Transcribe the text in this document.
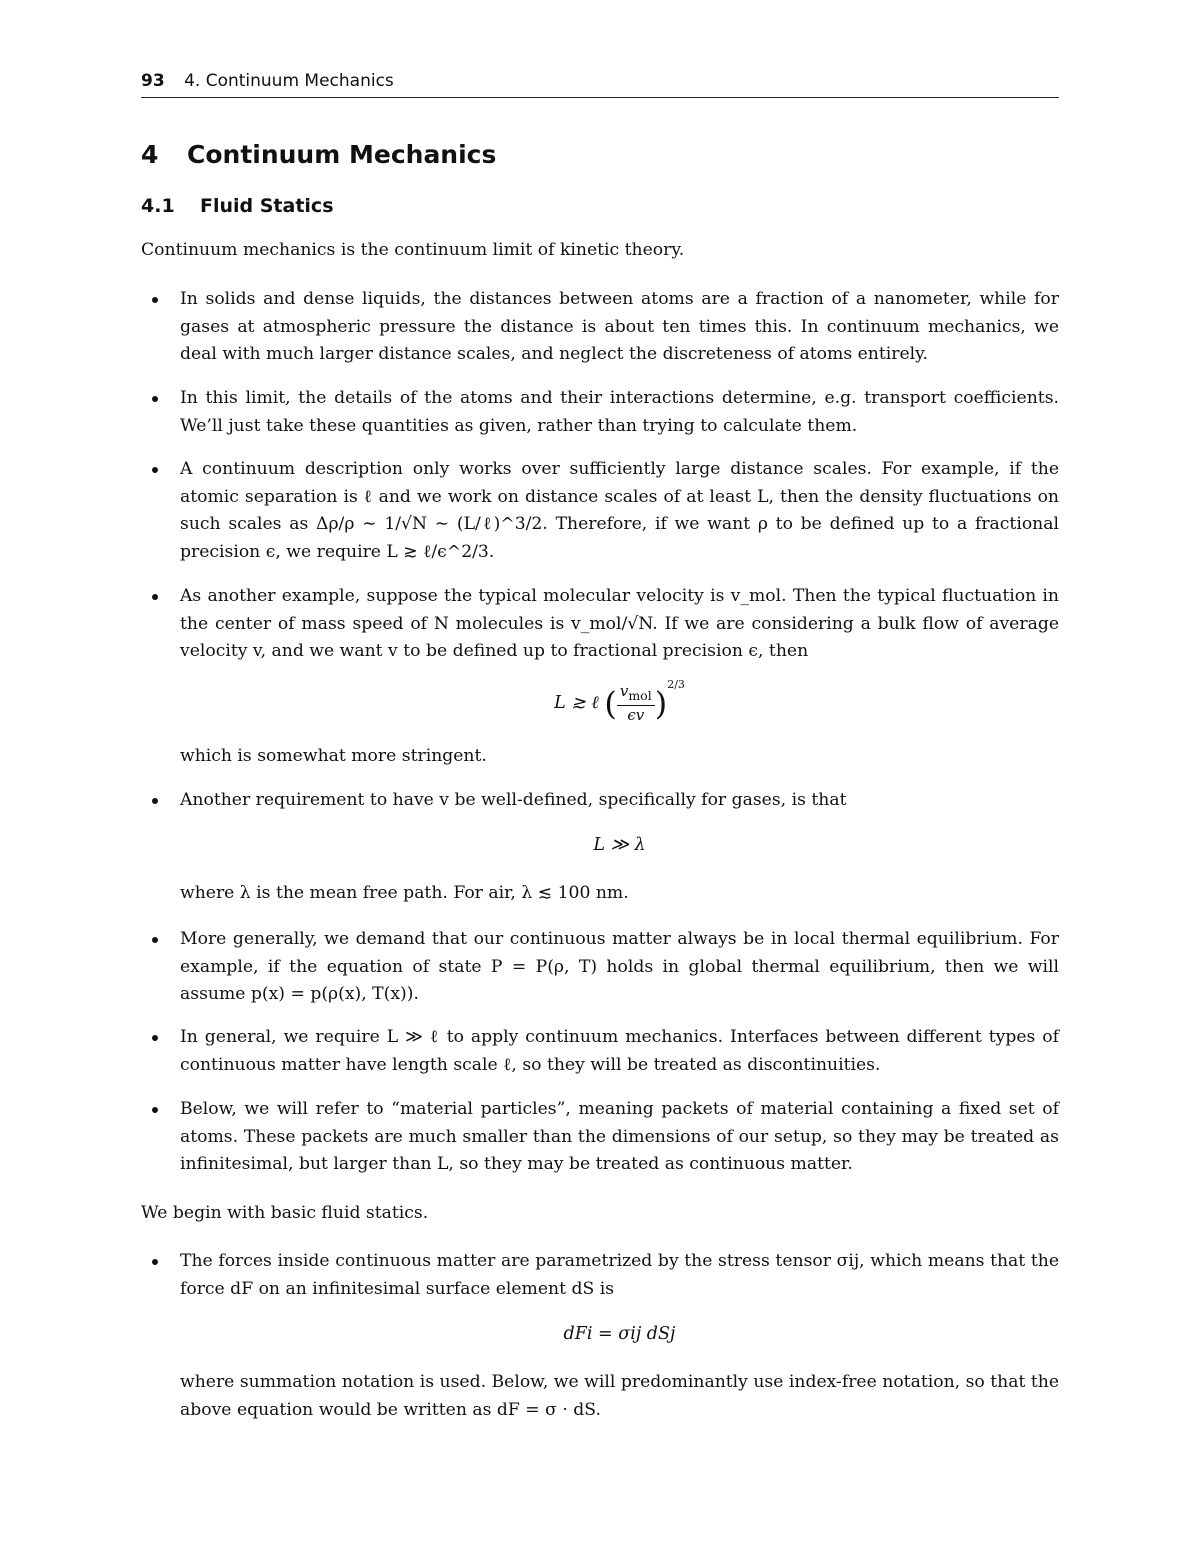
93 4. Continuum Mechanics
4 Continuum Mechanics
4.1 Fluid Statics
Continuum mechanics is the continuum limit of kinetic theory.
In solids and dense liquids, the distances between atoms are a fraction of a nanometer, while for gases at atmospheric pressure the distance is about ten times this. In continuum mechanics, we deal with much larger distance scales, and neglect the discreteness of atoms entirely.
In this limit, the details of the atoms and their interactions determine, e.g. transport coefficients. We’ll just take these quantities as given, rather than trying to calculate them.
A continuum description only works over sufficiently large distance scales. For example, if the atomic separation is ℓ and we work on distance scales of at least L, then the density fluctuations on such scales as Δρ/ρ ∼ 1/√N ∼ (L/ℓ)^3/2. Therefore, if we want ρ to be defined up to a fractional precision ϵ, we require L ≳ ℓ/ϵ^2/3.
As another example, suppose the typical molecular velocity is v_mol. Then the typical fluctuation in the center of mass speed of N molecules is v_mol/√N. If we are considering a bulk flow of average velocity v, and we want v to be defined up to fractional precision ϵ, then
L ≳ ℓ ( $\frac{v_{mol}}{\epsilon v} )^{2/3}$
which is somewhat more stringent.
Another requirement to have v be well-defined, specifically for gases, is that
L ≫ λ
where λ is the mean free path. For air, λ ≲ 100 nm.
More generally, we demand that our continuous matter always be in local thermal equilibrium. For example, if the equation of state P = P(ρ, T) holds in global thermal equilibrium, then we will assume p(x) = p(ρ(x), T(x)).
In general, we require L ≫ ℓ to apply continuum mechanics. Interfaces between different types of continuous matter have length scale ℓ, so they will be treated as discontinuities.
Below, we will refer to “material particles”, meaning packets of material containing a fixed set of atoms. These packets are much smaller than the dimensions of our setup, so they may be treated as infinitesimal, but larger than L, so they may be treated as continuous matter.
We begin with basic fluid statics.
The forces inside continuous matter are parametrized by the stress tensor σij, which means that the force dF on an infinitesimal surface element dS is
dFi = σij dSj
where summation notation is used. Below, we will predominantly use index-free notation, so that the above equation would be written as dF = σ · dS.
